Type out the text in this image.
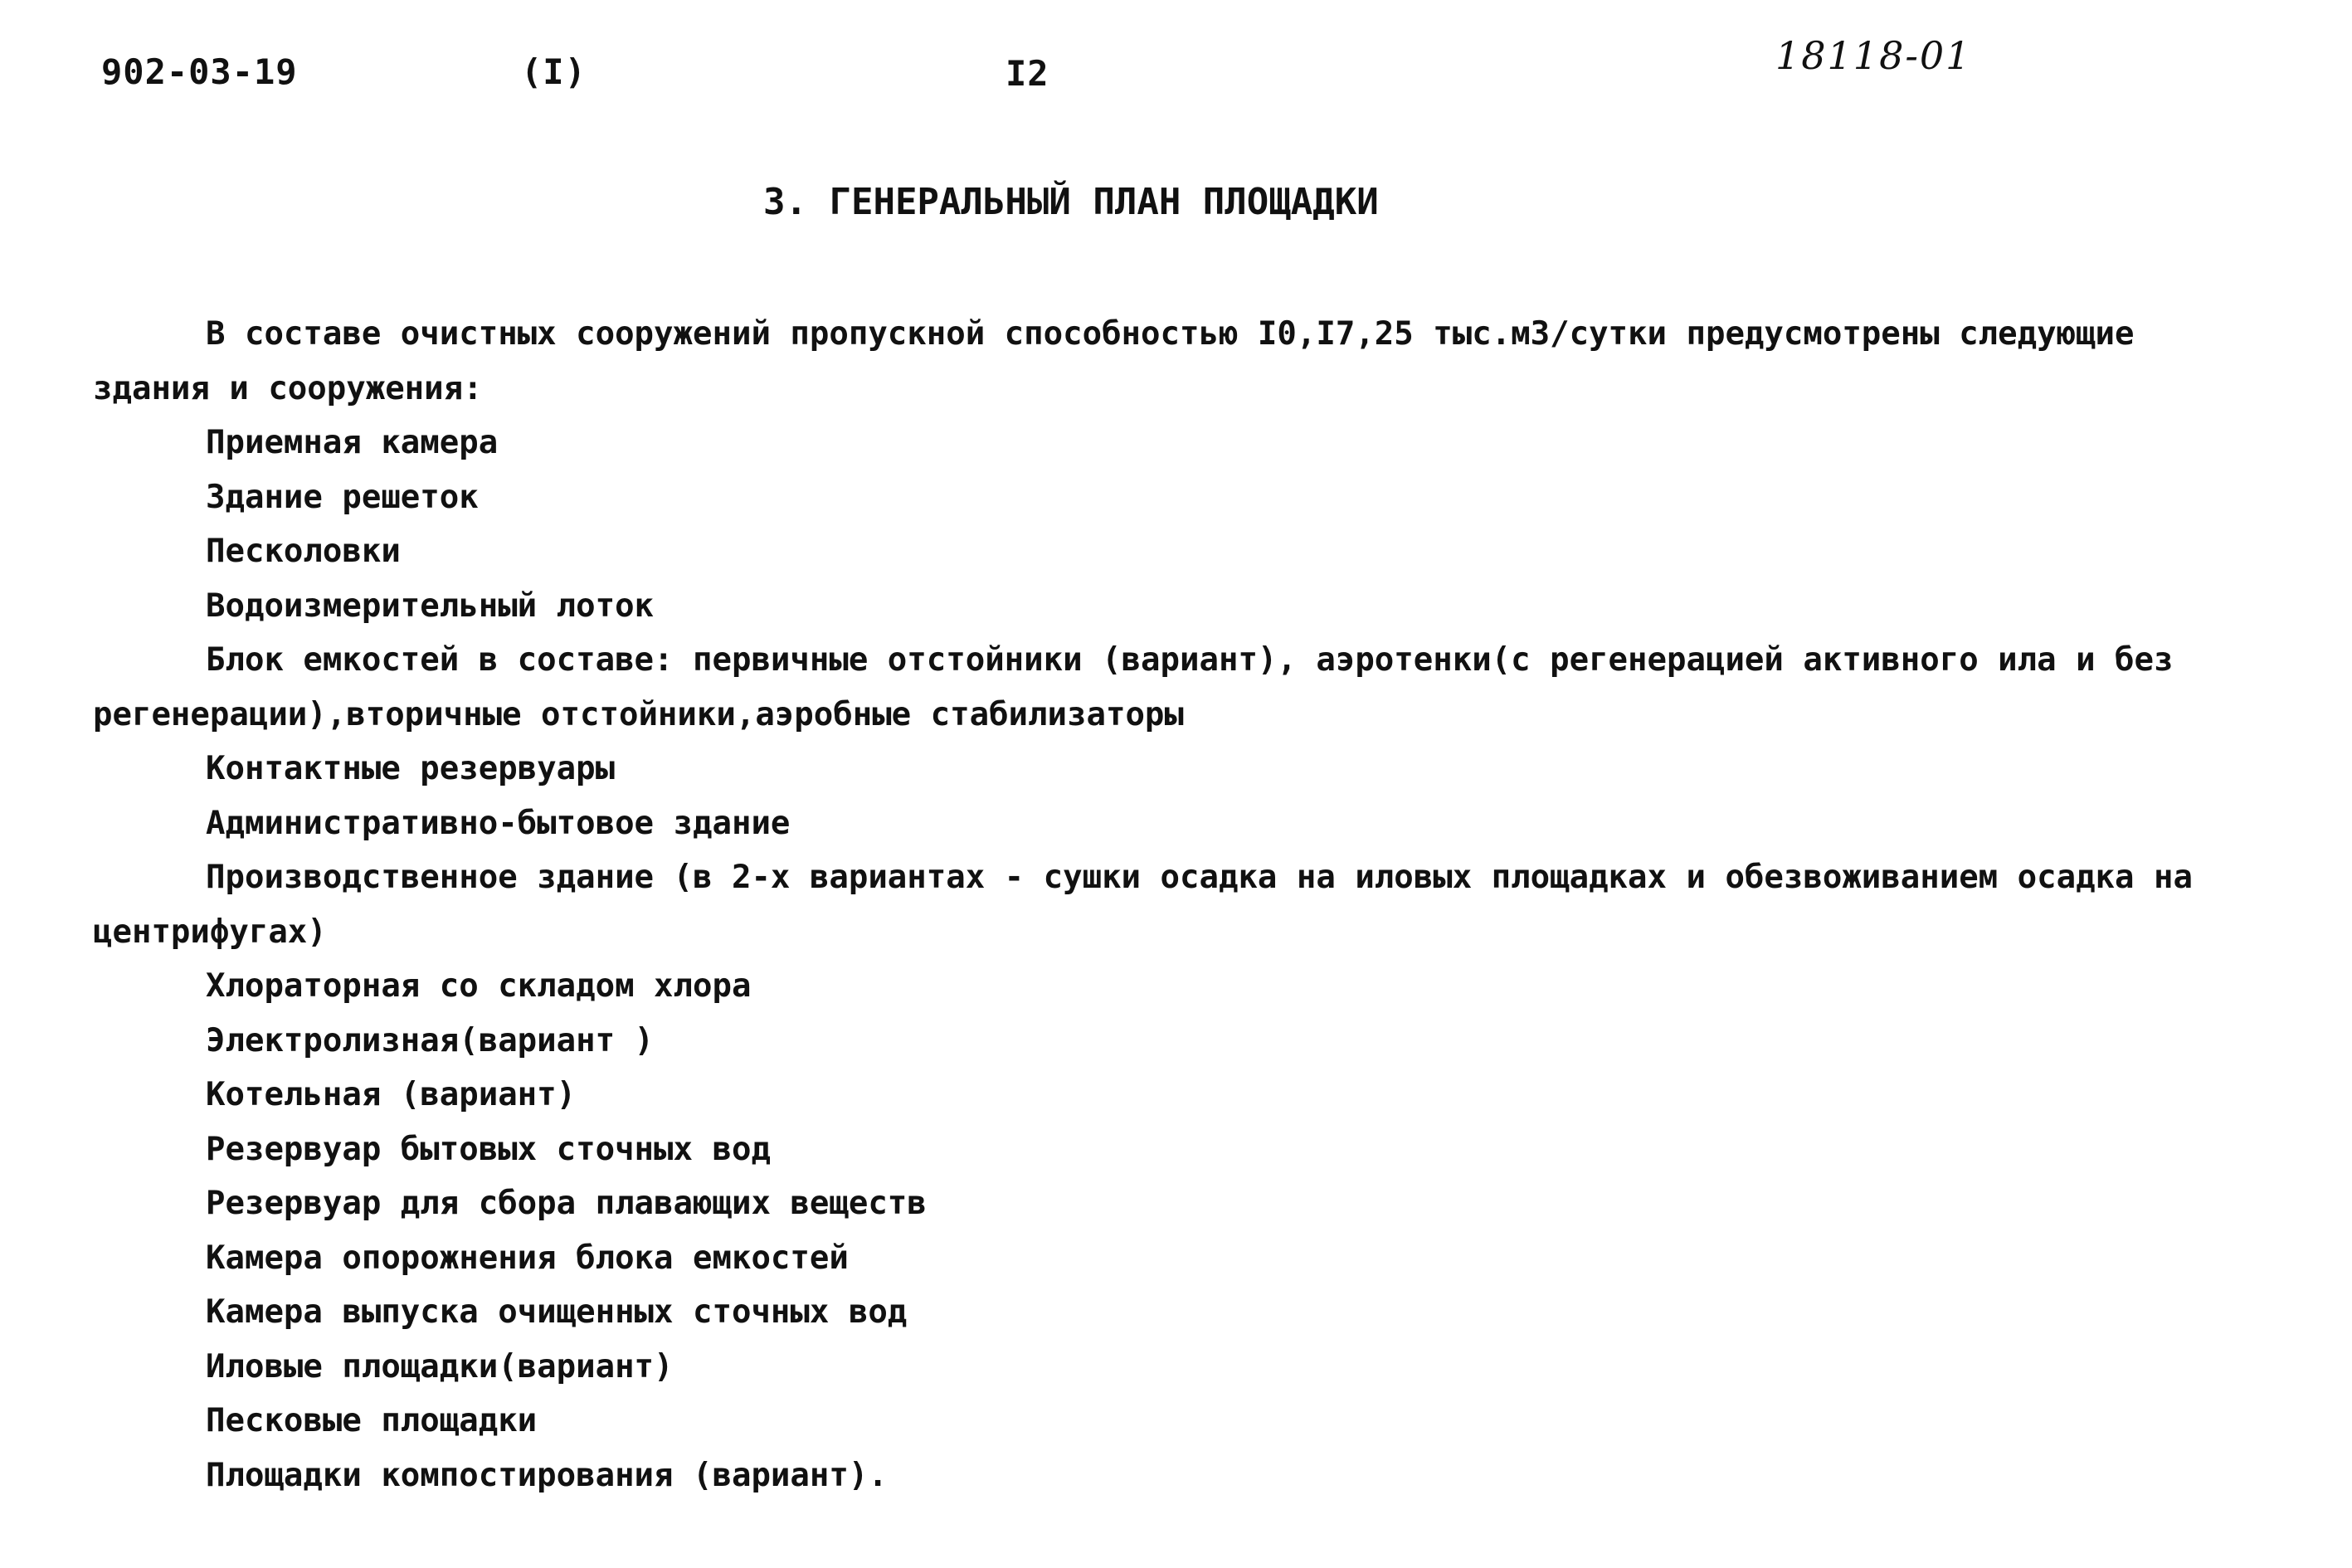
902-03-19	(I)	I2	18118-01
3. ГЕНЕРАЛЬНЫЙ ПЛАН ПЛОЩАДКИ

В составе очистных сооружений пропускной способностью I0,I7,25 тыс.м3/сутки предусмотрены следующие здания и сооружения:

Приемная камера

Здание решеток

Песколовки

Водоизмерительный лоток

Блок емкостей в составе: первичные отстойники (вариант), аэротенки(с регенерацией активного ила и без регенерации),вторичные отстойники,аэробные стабилизаторы

Контактные резервуары

Административно-бытовое здание

Производственное здание (в 2-х вариантах - сушки осадка на иловых площадках и обезвоживанием осадка на центрифугах)

Хлораторная со складом хлора

Электролизная(вариант )

Котельная (вариант)

Резервуар бытовых сточных вод

Резервуар для сбора плавающих веществ

Камера опорожнения блока емкостей

Камера выпуска очищенных сточных вод

Иловые площадки(вариант)

Песковые площадки

Площадки компостирования (вариант).
